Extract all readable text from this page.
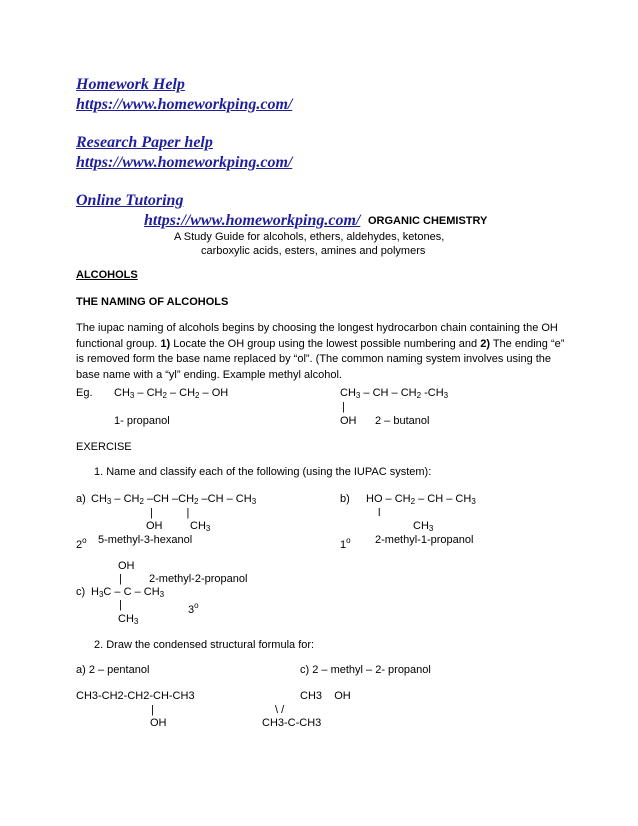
Homework Help
https://www.homeworkping.com/
Research Paper help
https://www.homeworkping.com/
Online Tutoring
https://www.homeworkping.com/ ORGANIC CHEMISTRY
A Study Guide for alcohols, ethers, aldehydes, ketones,
carboxylic acids, esters, amines and polymers
ALCOHOLS
THE NAMING OF ALCOHOLS
The iupac naming of alcohols begins by choosing the longest hydrocarbon chain containing the OH functional group. 1) Locate the OH group using the lowest possible numbering and 2) The ending “e” is removed form the base name replaced by “ol”. (The common naming system involves using the base name with a “yl” ending. Example methyl alcohol.
Eg. $CH_3 - CH_2 - CH_2$ – OH
1- propanol
$CH_3$ – CH – $CH_2$ $-CH_3$
|
OH 2 – butanol
EXERCISE
1. Name and classify each of the following (using the IUPAC system):
a) $CH_3 - CH_2$ –CH $-CH_2$ $-CH - CH_3$
|           |
OH         $CH_3$
2$^o$ 5-methyl-3-hexanol
b) HO – $CH_2$ – CH – $CH_3$
l
$CH_3$
1$^o$ 2-methyl-1-propanol
OH
| 2-methyl-2-propanol
c) $H_3C$ – C – $CH_3$
|	3$^o$
$CH_3$
2. Draw the condensed structural formula for:
a) 2 – pentanol	c) 2 – methyl – 2- propanol
CH3-CH2-CH2-CH-CH3
|
OH
CH3    OH
\ /
CH3-C-CH3
